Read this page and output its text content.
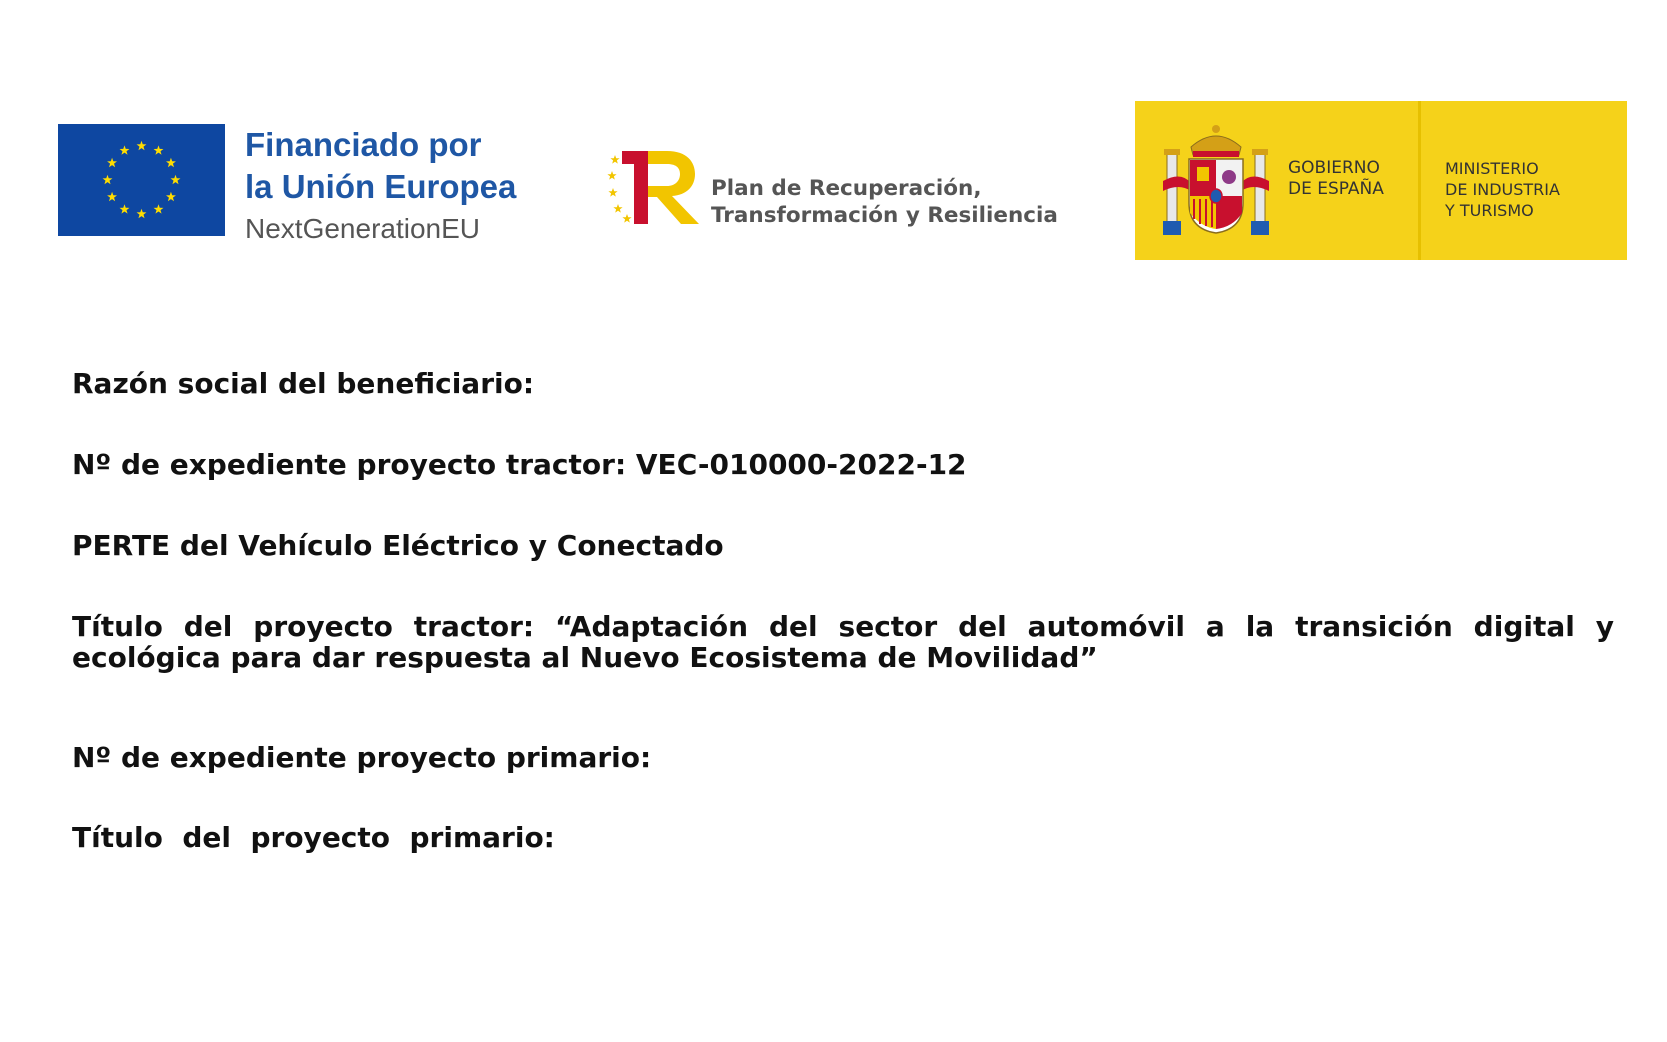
Financiado por
la Unión Europea
NextGenerationEU
Plan de Recuperación,
Transformación y Resiliencia
GOBIERNO
DE ESPAÑA
MINISTERIO
DE INDUSTRIA
Y TURISMO
Razón social del beneficiario:
Nº de expediente proyecto tractor: VEC-010000-2022-12
PERTE del Vehículo Eléctrico y Conectado
Título del proyecto tractor: “Adaptación del sector del automóvil a la transición digital y
ecológica para dar respuesta al Nuevo Ecosistema de Movilidad”
Nº de expediente proyecto primario:
Título  del  proyecto  primario:
